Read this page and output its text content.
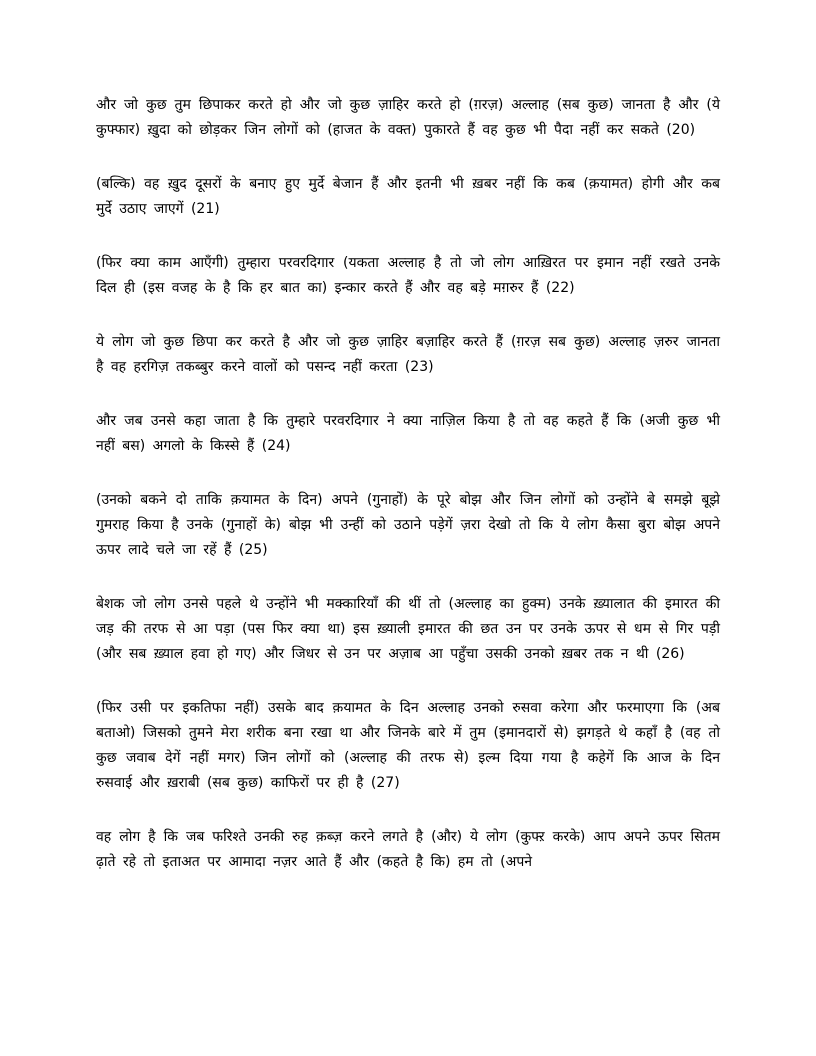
और जो कुछ तुम छिपाकर करते हो और जो कुछ ज़ाहिर करते हो (ग़रज़) अल्लाह (सब कुछ) जानता है और (ये कुफ्फार) ख़ुदा को छोड़कर जिन लोगों को (हाजत के वक्त) पुकारते हैं वह कुछ भी पैदा नहीं कर सकते (20)

(बल्कि) वह ख़ुद दूसरों के बनाए हुए मुर्दे बेजान हैं और इतनी भी ख़बर नहीं कि कब (क़यामत) होगी और कब मुर्दे उठाए जाएगें (21)

(फिर क्या काम आएँगी) तुम्हारा परवरदिगार (यकता अल्लाह है तो जो लोग आख़िरत पर इमान नहीं रखते उनके दिल ही (इस वजह के है कि हर बात का) इन्कार करते हैं और वह बड़े मग़रुर हैं (22)

ये लोग जो कुछ छिपा कर करते है और जो कुछ ज़ाहिर बज़ाहिर करते हैं (ग़रज़ सब कुछ) अल्लाह ज़रुर जानता है वह हरगिज़ तकब्बुर करने वालों को पसन्द नहीं करता (23)

और जब उनसे कहा जाता है कि तुम्हारे परवरदिगार ने क्या नाज़िल किया है तो वह कहते हैं कि (अजी कुछ भी नहीं बस) अगलो के किस्से हैं (24)

(उनको बकने दो ताकि क़यामत के दिन) अपने (गुनाहों) के पूरे बोझ और जिन लोगों को उन्होंने बे समझे बूझे गुमराह किया है उनके (गुनाहों के) बोझ भी उन्हीं को उठाने पड़ेगें ज़रा देखो तो कि ये लोग कैसा बुरा बोझ अपने ऊपर लादे चले जा रहें हैं (25)

बेशक जो लोग उनसे पहले थे उन्होंने भी मक्कारियाँ की थीं तो (अल्लाह का हुक्म) उनके ख़्यालात की इमारत की जड़ की तरफ से आ पड़ा (पस फिर क्या था) इस ख़्याली इमारत की छत उन पर उनके ऊपर से धम से गिर पड़ी (और सब ख़्याल हवा हो गए) और जिधर से उन पर अज़ाब आ पहुँचा उसकी उनको ख़बर तक न थी (26)

(फिर उसी पर इकतिफा नहीं) उसके बाद क़यामत के दिन अल्लाह उनको रुसवा करेगा और फरमाएगा कि (अब बताओ) जिसको तुमने मेरा शरीक बना रखा था और जिनके बारे में तुम (इमानदारों से) झगड़ते थे कहाँ है (वह तो कुछ जवाब देगें नहीं मगर) जिन लोगों को (अल्लाह की तरफ से) इल्म दिया गया है कहेगें कि आज के दिन रुसवाई और ख़राबी (सब कुछ) काफिरों पर ही है (27)

वह लोग है कि जब फरिश्ते उनकी रुह क़ब्ज़ करने लगते है (और) ये लोग (कुफ्ऱ करके) आप अपने ऊपर सितम ढ़ाते रहे तो इताअत पर आमादा नज़र आते हैं और (कहते है कि) हम तो (अपने
